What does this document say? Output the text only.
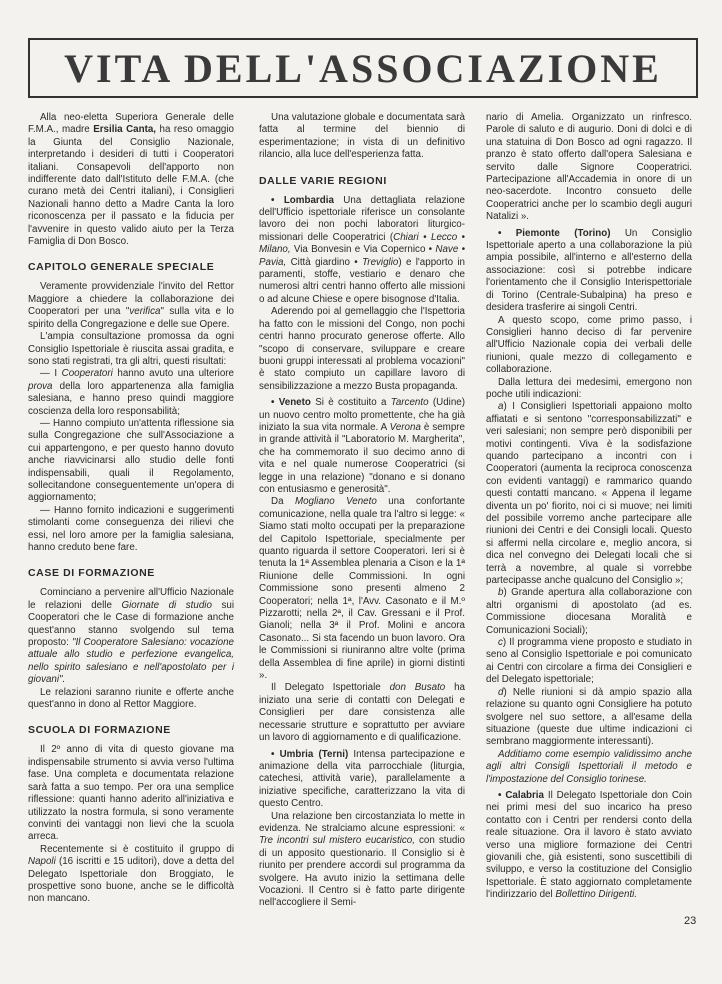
VITA DELL'ASSOCIAZIONE

Alla neo-eletta Superiora Generale delle F.M.A., madre Ersilia Canta, ha reso omaggio la Giunta del Consiglio Nazionale, interpretando i desideri di tutti i Cooperatori italiani. Consapevoli dell'apporto non indifferente dato dall'Istituto delle F.M.A. (che curano metà dei Centri italiani), i Consiglieri Nazionali hanno detto a Madre Canta la loro riconoscenza per il passato e la fiducia per l'avvenire in questo valido aiuto per la Terza Famiglia di Don Bosco.

CAPITOLO GENERALE SPECIALE

Veramente provvidenziale l'invito del Rettor Maggiore a chiedere la collaborazione dei Cooperatori per una "verifica" sulla vita e lo spirito della Congregazione e delle sue Opere.

L'ampia consultazione promossa da ogni Consiglio Ispettoriale è riuscita assai gradita, e sono stati registrati, tra gli altri, questi risultati:

— I Cooperatori hanno avuto una ulteriore prova della loro appartenenza alla famiglia salesiana, e hanno preso quindi maggiore coscienza della loro responsabilità;

— Hanno compiuto un'attenta riflessione sia sulla Congregazione che sull'Associazione a cui appartengono, e per questo hanno dovuto anche riavvicinarsi allo studio delle fonti indispensabili, quali il Regolamento, sollecitandone conseguentemente un'opera di aggiornamento;

— Hanno fornito indicazioni e suggerimenti stimolanti come conseguenza dei rilievi che essi, nel loro amore per la famiglia salesiana, hanno creduto bene fare.

CASE DI FORMAZIONE

Cominciano a pervenire all'Ufficio Nazionale le relazioni delle Giornate di studio sui Cooperatori che le Case di formazione anche quest'anno stanno svolgendo sul tema proposto: "Il Cooperatore Salesiano: vocazione attuale allo studio e perfezione evangelica, nello spirito salesiano e nell'apostolato per i giovani".

Le relazioni saranno riunite e offerte anche quest'anno in dono al Rettor Maggiore.

SCUOLA DI FORMAZIONE

Il 2º anno di vita di questo giovane ma indispensabile strumento si avvia verso l'ultima fase. Una completa e documentata relazione sarà fatta a suo tempo. Per ora una semplice riflessione: quanti hanno aderito all'iniziativa e utilizzato la nostra formula, si sono veramente convinti dei vantaggi non lievi che la scuola arreca.

Recentemente si è costituito il gruppo di Napoli (16 iscritti e 15 uditori), dove a detta del Delegato Ispettoriale don Broggiato, le prospettive sono buone, anche se le difficoltà non mancano.

Una valutazione globale e documentata sarà fatta al termine del biennio di esperimentazione; in vista di un definitivo rilancio, alla luce dell'esperienza fatta.

DALLE VARIE REGIONI

• Lombardia Una dettagliata relazione dell'Ufficio ispettoriale riferisce un consolante lavoro dei non pochi laboratori liturgico-missionari delle Cooperatrici (Chiari • Lecco • Milano, Via Bonvesin e Via Copernico • Nave • Pavia, Città giardino • Treviglio) e l'apporto in paramenti, stoffe, vestiario e denaro che numerosi altri centri hanno offerto alle missioni o ad alcune Chiese e opere bisognose d'Italia.

Aderendo poi al gemellaggio che l'Ispettoria ha fatto con le missioni del Congo, non pochi centri hanno procurato generose offerte. Allo "scopo di conservare, sviluppare e creare buoni gruppi interessati al problema vocazioni" è stato compiuto un capillare lavoro di sensibilizzazione a mezzo Busta propaganda.

• Veneto Si è costituito a Tarcento (Udine) un nuovo centro molto promettente, che ha già iniziato la sua vita normale. A Verona è sempre in grande attività il "Laboratorio M. Margherita", che ha commemorato il suo decimo anno di vita e nel quale numerose Cooperatrici (si legge in una relazione) "donano e si donano con entusiasmo e generosità".

Da Mogliano Veneto una confortante comunicazione, nella quale tra l'altro si legge: « Siamo stati molto occupati per la preparazione del Capitolo Ispettoriale, specialmente per quanto riguarda il settore Cooperatori. Ieri si è tenuta la 1ª Assemblea plenaria a Cison e la 1ª Riunione delle Commissioni. In ogni Commissione sono presenti almeno 2 Cooperatori; nella 1ª, l'Avv. Casonato e il M.º Pizzarotti; nella 2ª, il Cav. Gressani e il Prof. Gianoli; nella 3ª il Prof. Molini e ancora Casonato... Si sta facendo un buon lavoro. Ora le Commissioni si riuniranno altre volte (prima della Assemblea di fine aprile) in giorni distinti ».

Il Delegato Ispettoriale don Busato ha iniziato una serie di contatti con Delegati e Consiglieri per dare consistenza alle necessarie strutture e soprattutto per avviare un lavoro di aggiornamento e di qualificazione.

• Umbria (Terni) Intensa partecipazione e animazione della vita parrocchiale (liturgia, catechesi, attività varie), parallelamente a iniziative specifiche, caratterizzano la vita di questo Centro.

Una relazione ben circostanziata lo mette in evidenza. Ne stralciamo alcune espressioni: « Tre incontri sul mistero eucaristico, con studio di un apposito questionario. Il Consiglio si è riunito per prendere accordi sul programma da svolgere. Ha avuto inizio la settimana delle Vocazioni. Il Centro si è fatto parte dirigente nell'accogliere il Semi-

nario di Amelia. Organizzato un rinfresco. Parole di saluto e di augurio. Doni di dolci e di una statuina di Don Bosco ad ogni ragazzo. Il pranzo è stato offerto dall'opera Salesiana e servito dalle Signore Cooperatrici. Partecipazione all'Accademia in onore di un neo-sacerdote. Incontro consueto delle Cooperatrici anche per lo scambio degli auguri Natalizi ».

• Piemonte (Torino) Un Consiglio Ispettoriale aperto a una collaborazione la più ampia possibile, all'interno e all'esterno della associazione: così si potrebbe indicare l'orientamento che il Consiglio Interispettoriale di Torino (Centrale-Subalpina) ha preso e desidera trasferire ai singoli Centri.

A questo scopo, come primo passo, i Consiglieri hanno deciso di far pervenire all'Ufficio Nazionale copia dei verbali delle riunioni, quale mezzo di collegamento e collaborazione.

Dalla lettura dei medesimi, emergono non poche utili indicazioni:

a) I Consiglieri Ispettoriali appaiono molto affiatati e si sentono "corresponsabilizzati" e veri salesiani; non sempre però disponibili per motivi contingenti. Viva è la sodisfazione quando partecipano a incontri con i Cooperatori (aumenta la reciproca conoscenza con evidenti vantaggi) e rammarico quando questi contatti mancano. « Appena il legame diventa un po' fiorito, noi ci si muove; nei limiti del possibile vorremo anche partecipare alle riunioni dei Centri e dei Consigli locali. Questo si affermi nella circolare e, meglio ancora, si dica nel convegno dei Delegati locali che si terrà a novembre, al quale si vorrebbe partecipasse anche qualcuno del Consiglio »;

b) Grande apertura alla collaborazione con altri organismi di apostolato (ad es. Commissione diocesana Moralità e Comunicazioni Sociali);

c) Il programma viene proposto e studiato in seno al Consiglio Ispettoriale e poi comunicato ai Centri con circolare a firma dei Consiglieri e del Delegato ispettoriale;

d) Nelle riunioni si dà ampio spazio alla relazione su quanto ogni Consigliere ha potuto svolgere nel suo settore, a all'esame della situazione (queste due ultime indicazioni ci sembrano maggiormente interessanti).

Additiamo come esempio validissimo anche agli altri Consigli Ispettoriali il metodo e l'impostazione del Consiglio torinese.

• Calabria Il Delegato Ispettoriale don Coin nei primi mesi del suo incarico ha preso contatto con i Centri per rendersi conto della reale situazione. Ora il lavoro è stato avviato verso una migliore formazione dei Centri giovanili che, già esistenti, sono suscettibili di sviluppo, e verso la costituzione del Consiglio Ispettoriale. È stato aggiornato completamente l'indirizzario del Bollettino Dirigenti.

23
